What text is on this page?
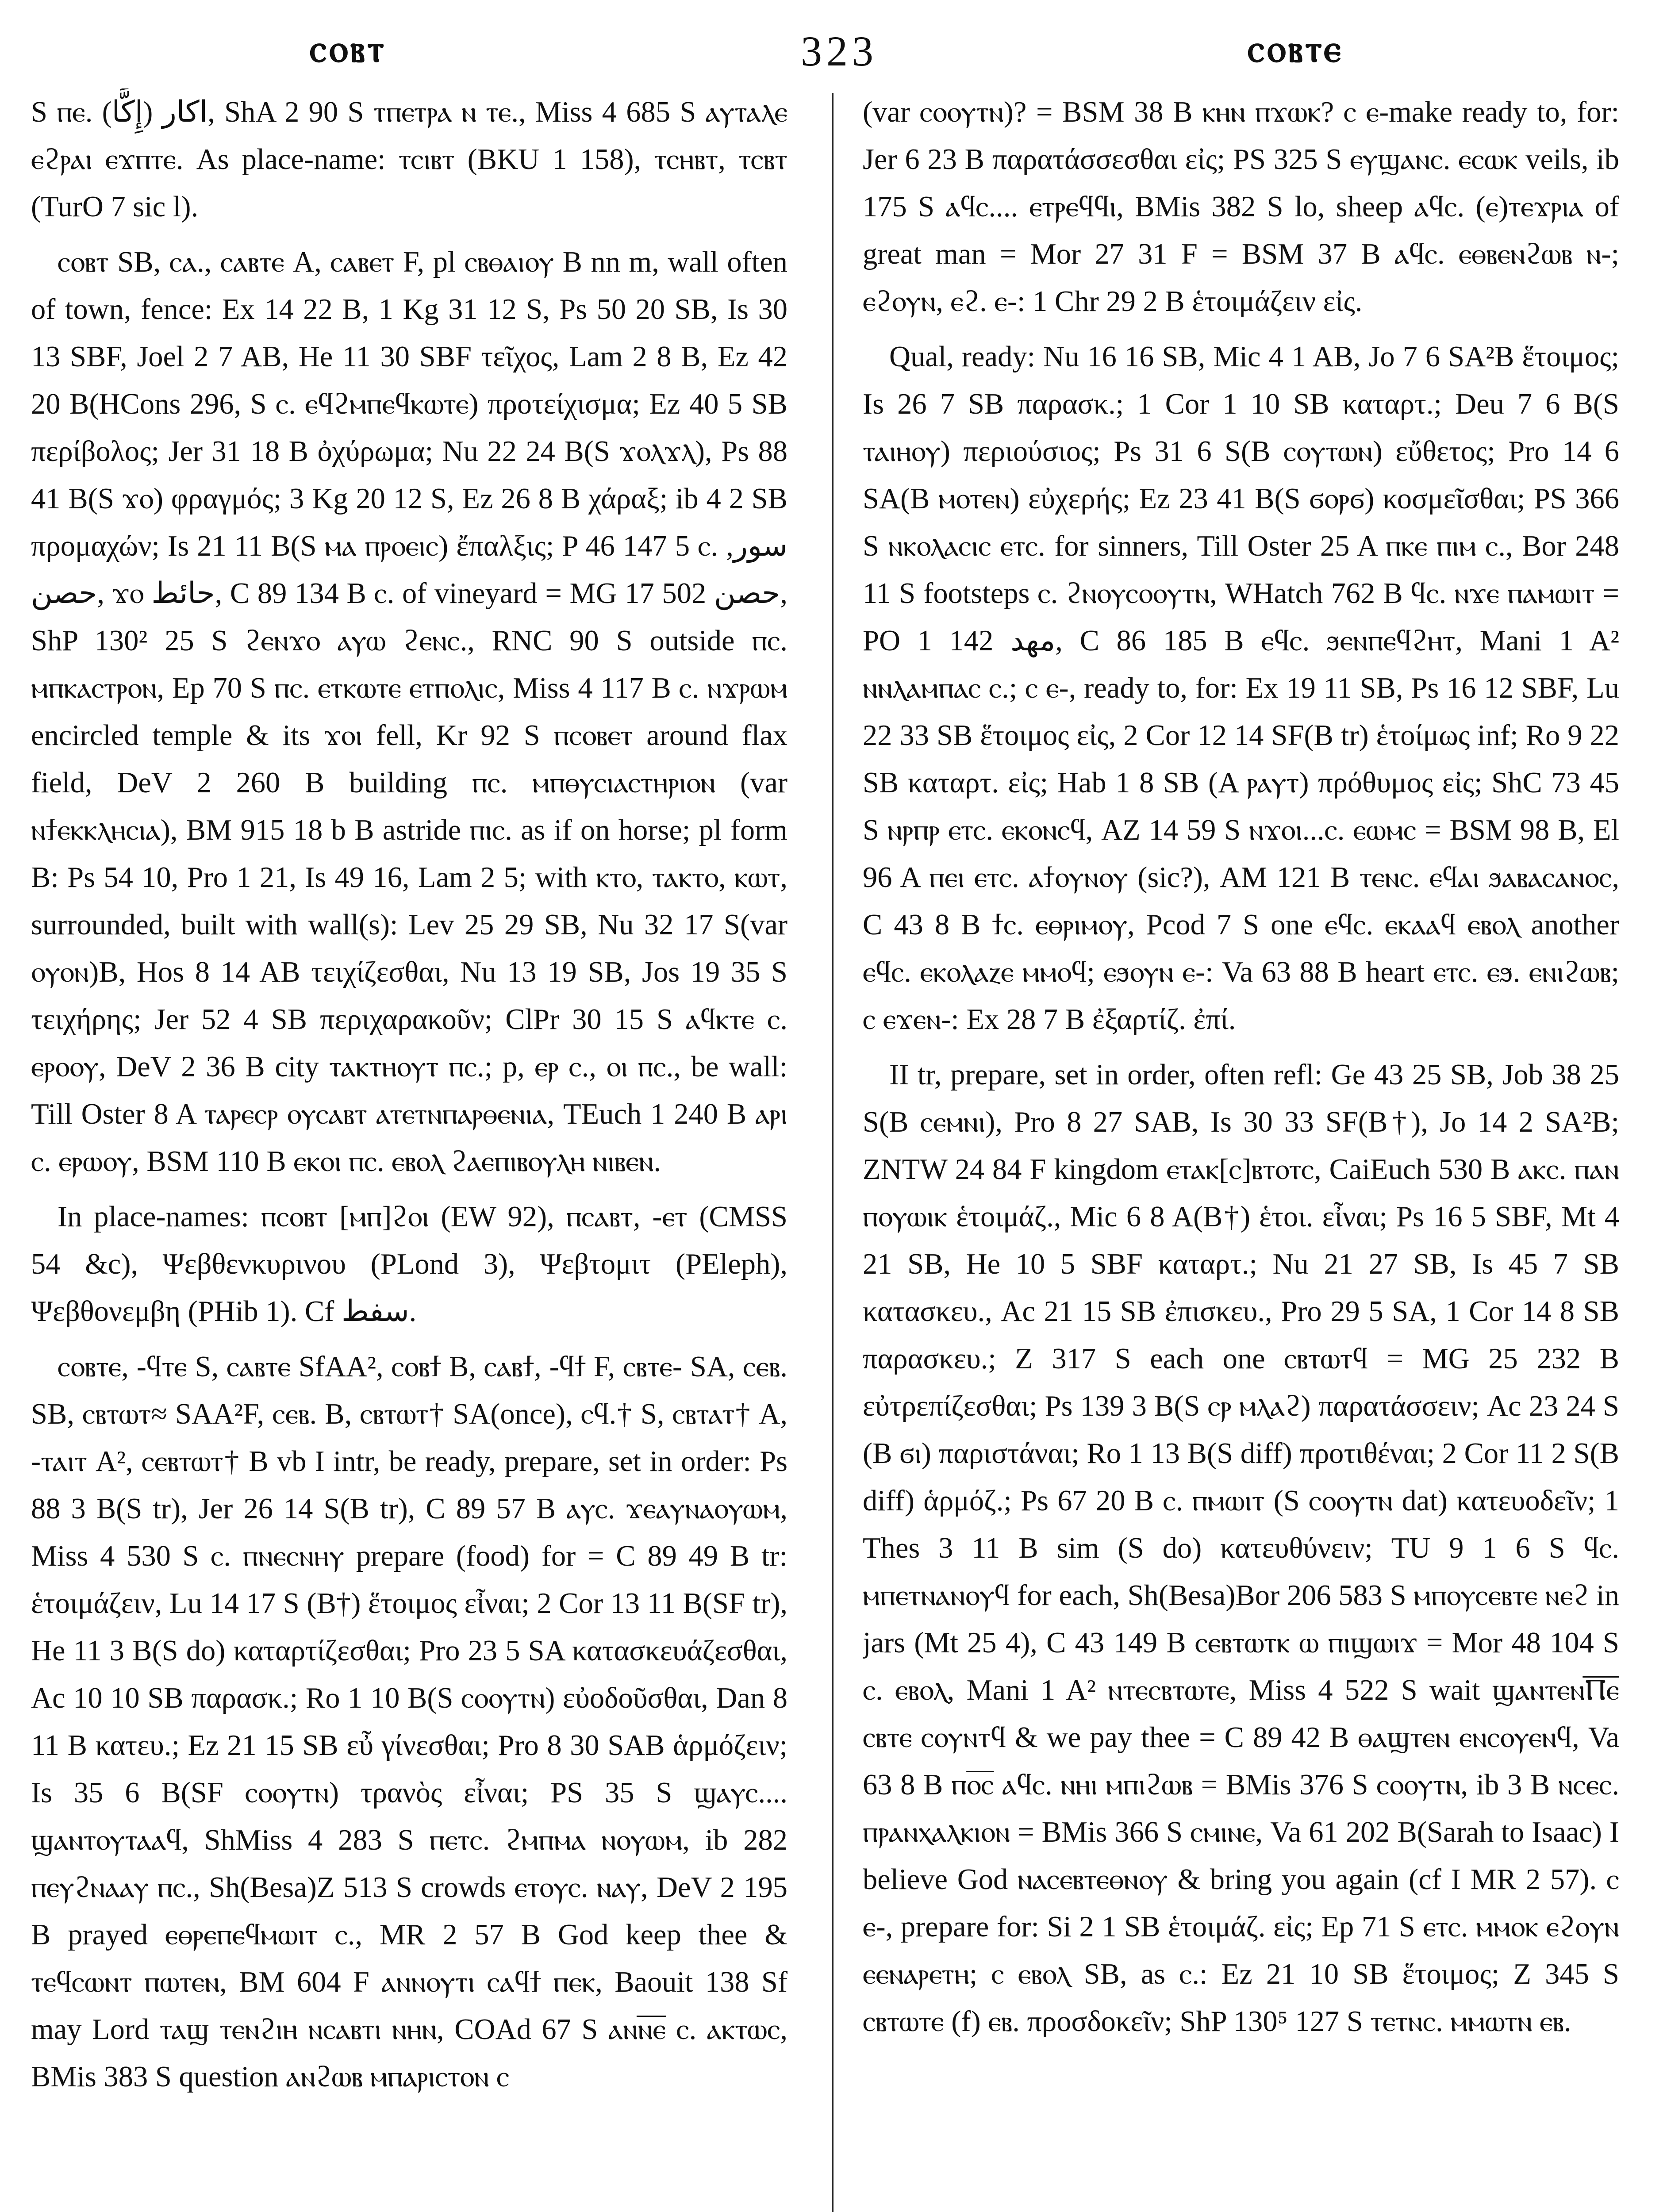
ⲥⲟⲃⲧ	323	ⲥⲟⲃⲧⲉ

S ⲡⲉ. اكار (إِكَّا), ShA 2 90 S ⲧⲡⲉⲧⲣⲁ ⲛ ⲧⲉ., Miss 4 685 S ⲁⲩⲧⲁⲗⲉ ⲉϩⲣⲁⲓ ⲉϫⲡⲧⲉ. As place-name: ⲧⲥⲓⲃⲧ (BKU 1 158), ⲧⲥⲏⲃⲧ, ⲧⲥⲃⲧ (TurO 7 sic l).

ⲥⲟⲃⲧ SB, ⲥⲁ., ⲥⲁⲃⲧⲉ A, ⲥⲁⲃⲉⲧ F, pl ⲥⲃⲑⲁⲓⲟⲩ B nn m, wall often of town, fence: Ex 14 22 B, 1 Kg 31 12 S, Ps 50 20 SB, Is 30 13 SBF, Joel 2 7 AB, He 11 30 SBF τεῖχος, Lam 2 8 B, Ez 42 20 B(HCons 296, S ⲥ. ⲉϥϩⲙⲡⲉϥⲕⲱⲧⲉ) προτείχισμα; Ez 40 5 SB περίβολος; Jer 31 18 B ὀχύρωμα; Nu 22 24 B(S ϫⲟⲗϫⲗ), Ps 88 41 B(S ϫⲟ) φραγμός; 3 Kg 20 12 S, Ez 26 8 B χάραξ; ib 4 2 SB προμαχών; Is 21 11 B(S ⲙⲁ ⲡⲣⲟⲉⲓⲥ) ἔπαλξις; P 46 147 5 ⲥ. سور, حصن, ϫⲟ حائط, C 89 134 B ⲥ. of vineyard = MG 17 502 حصن, ShP 130² 25 S ϩⲉⲛϫⲟ ⲁⲩⲱ ϩⲉⲛⲥ., RNC 90 S outside ⲡⲥ. ⲙⲡⲕⲁⲥⲧⲣⲟⲛ, Ep 70 S ⲡⲥ. ⲉⲧⲕⲱⲧⲉ ⲉⲧⲡⲟⲗⲓⲥ, Miss 4 117 B ⲥ. ⲛϫⲣⲱⲙ encircled temple & its ϫⲟⲓ fell, Kr 92 S ⲡⲥⲟⲃⲉⲧ around flax field, DeV 2 260 B building ⲡⲥ. ⲙⲡⲑⲩⲥⲓⲁⲥⲧⲏⲣⲓⲟⲛ (var ⲛϯⲉⲕⲕⲗⲏⲥⲓⲁ), BM 915 18 b B astride ⲡⲓⲥ. as if on horse; pl form B: Ps 54 10, Pro 1 21, Is 49 16, Lam 2 5; with ⲕⲧⲟ, ⲧⲁⲕⲧⲟ, ⲕⲱⲧ, surrounded, built with wall(s): Lev 25 29 SB, Nu 32 17 S(var ⲟⲩⲟⲛ)B, Hos 8 14 AB τειχίζεσθαι, Nu 13 19 SB, Jos 19 35 S τειχήρης; Jer 52 4 SB περιχαρακοῦν; ClPr 30 15 S ⲁϥⲕⲧⲉ ⲥ. ⲉⲣⲟⲟⲩ, DeV 2 36 B city ⲧⲁⲕⲧⲏⲟⲩⲧ ⲡⲥ.; p, ⲉⲣ ⲥ., ⲟⲓ ⲡⲥ., be wall: Till Oster 8 A ⲧⲁⲣⲉⲥⲣ ⲟⲩⲥⲁⲃⲧ ⲁⲧⲉⲧⲛⲡⲁⲣⲑⲉⲛⲓⲁ, TEuch 1 240 B ⲁⲣⲓ ⲥ. ⲉⲣⲱⲟⲩ, BSM 110 B ⲉⲕⲟⲓ ⲡⲥ. ⲉⲃⲟⲗ ϩⲁⲉⲡⲓⲃⲟⲩⲗⲏ ⲛⲓⲃⲉⲛ.

In place-names: ⲡⲥⲟⲃⲧ [ⲙⲡ]ϩⲟⲓ (EW 92), ⲡⲥⲁⲃⲧ, -ⲉⲧ (CMSS 54 &c), Ψεβθενκυρινου (PLond 3), Ψεβτομιτ (PEleph), Ψεβθονεμβη (PHib 1). Cf سفط.

ⲥⲟⲃⲧⲉ, -ϥⲧⲉ S, ⲥⲁⲃⲧⲉ SfAA², ⲥⲟⲃϯ B, ⲥⲁⲃϯ, -ϥϯ F, ⲥⲃⲧⲉ- SA, ⲥⲉⲃ. SB, ⲥⲃⲧⲱⲧ≈ SAA²F, ⲥⲉⲃ. B, ⲥⲃⲧⲱⲧ† SA(once), ⲥϥ.† S, ⲥⲃⲧⲁⲧ† A, -ⲧⲁⲓⲧ A², ⲥⲉⲃⲧⲱⲧ† B vb I intr, be ready, prepare, set in order: Ps 88 3 B(S tr), Jer 26 14 S(B tr), C 89 57 B ⲁⲩⲥ. ϫⲉⲁⲩⲛⲁⲟⲩⲱⲙ, Miss 4 530 S ⲥ. ⲡⲛⲉⲥⲛⲏⲩ prepare (food) for = C 89 49 B tr: ἑτοιμάζειν, Lu 14 17 S (B†) ἕτοιμος εἶναι; 2 Cor 13 11 B(SF tr), He 11 3 B(S do) καταρτίζεσθαι; Pro 23 5 SA κατασκευάζεσθαι, Ac 10 10 SB παρασκ.; Ro 1 10 B(S ⲥⲟⲟⲩⲧⲛ) εὐοδοῦσθαι, Dan 8 11 B κατευ.; Ez 21 15 SB εὖ γίνεσθαι; Pro 8 30 SAB ἁρμόζειν; Is 35 6 B(SF ⲥⲟⲟⲩⲧⲛ) τρανὸς εἶναι; PS 35 S ϣⲁⲩⲥ.... ϣⲁⲛⲧⲟⲩⲧⲁⲁϥ, ShMiss 4 283 S ⲡⲉⲧⲥ. ϩⲙⲡⲙⲁ ⲛⲟⲩⲱⲙ, ib 282 ⲡⲉⲩϩⲛⲁⲁⲩ ⲡⲥ., Sh(Besa)Z 513 S crowds ⲉⲧⲟⲩⲥ. ⲛⲁⲩ, DeV 2 195 B prayed ⲉⲑⲣⲉⲡⲉϥⲙⲱⲓⲧ ⲥ., MR 2 57 B God keep thee & ⲧⲉϥⲥⲱⲛⲧ ⲡⲱⲧⲉⲛ, BM 604 F ⲁⲛⲛⲟⲩⲧⲓ ⲥⲁϥϯ ⲡⲉⲕ, Baouit 138 Sf may Lord ⲧⲁϣ ⲧⲉⲛϩⲓⲏ ⲛⲥⲁⲃⲧⲓ ⲛⲏⲛ, COAd 67 S ⲁⲛⲛ̅ⲉ̅ ⲥ. ⲁⲕⲧⲱⲥ, BMis 383 S question ⲁⲛϩⲱⲃ ⲙⲡⲁⲣⲓⲥⲧⲟⲛ ⲥ

(var ⲥⲟⲟⲩⲧⲛ)? = BSM 38 B ⲕⲏⲛ ⲡϫⲱⲕ? ⲥ ⲉ-make ready to, for: Jer 6 23 B παρατάσσεσθαι εἰς; PS 325 S ⲉⲩϣⲁⲛⲥ. ⲉⲥⲱⲕ veils, ib 175 S ⲁϥⲥ.... ⲉⲧⲣⲉϥϥⲓ, BMis 382 S lo, sheep ⲁϥⲥ. (ⲉ)ⲧⲉϫⲣⲓⲁ of great man = Mor 27 31 F = BSM 37 B ⲁϥⲥ. ⲉⲑⲃⲉⲛϩⲱⲃ ⲛ-; ⲉϩⲟⲩⲛ, ⲉϩ. ⲉ-: 1 Chr 29 2 B ἑτοιμάζειν εἰς.

Qual, ready: Nu 16 16 SB, Mic 4 1 AB, Jo 7 6 SA²B ἕτοιμος; Is 26 7 SB παρασκ.; 1 Cor 1 10 SB καταρτ.; Deu 7 6 B(S ⲧⲁⲓⲏⲟⲩ) περιούσιος; Ps 31 6 S(B ⲥⲟⲩⲧⲱⲛ) εὔθετος; Pro 14 6 SA(B ⲙⲟⲧⲉⲛ) εὐχερής; Ez 23 41 B(S ϭⲟⲣϭ) κοσμεῖσθαι; PS 366 S ⲛⲕⲟⲗⲁⲥⲓⲥ ⲉⲧⲥ. for sinners, Till Oster 25 A ⲡⲕⲉ ⲡⲓⲙ ⲥ., Bor 248 11 S footsteps ⲥ. ϩⲛⲟⲩⲥⲟⲟⲩⲧⲛ, WHatch 762 B ϥⲥ. ⲛϫⲉ ⲡⲁⲙⲱⲓⲧ = PO 1 142 مهد, C 86 185 B ⲉϥⲥ. ϧⲉⲛⲡⲉϥϩⲏⲧ, Mani 1 A² ⲛⲛⲗⲁⲙⲡⲁⲥ ⲥ.; ⲥ ⲉ-, ready to, for: Ex 19 11 SB, Ps 16 12 SBF, Lu 22 33 SB ἕτοιμος εἰς, 2 Cor 12 14 SF(B tr) ἑτοίμως inf; Ro 9 22 SB καταρτ. εἰς; Hab 1 8 SB (A ⲣⲁⲩⲧ) πρόθυμος εἰς; ShC 73 45 S ⲛⲣⲡⲣ ⲉⲧⲥ. ⲉⲕⲟⲛⲥϥ, AZ 14 59 S ⲛϫⲟⲓ...ⲥ. ⲉⲱⲙⲥ = BSM 98 B, El 96 A ⲡⲉⲓ ⲉⲧⲥ. ⲁϯⲟⲩⲛⲟⲩ (sic?), AM 121 B ⲧⲉⲛⲥ. ⲉϥⲁⲓ ϧⲁⲃⲁⲥⲁⲛⲟⲥ, C 43 8 B ϯⲥ. ⲉⲑⲣⲓⲙⲟⲩ, Pcod 7 S one ⲉϥⲥ. ⲉⲕⲁⲁϥ ⲉⲃⲟⲗ another ⲉϥⲥ. ⲉⲕⲟⲗⲁⲍⲉ ⲙⲙⲟϥ; ⲉϧⲟⲩⲛ ⲉ-: Va 63 88 B heart ⲉⲧⲥ. ⲉϧ. ⲉⲛⲓϩⲱⲃ; ⲥ ⲉϫⲉⲛ-: Ex 28 7 B ἐξαρτίζ. ἐπί.

II tr, prepare, set in order, often refl: Ge 43 25 SB, Job 38 25 S(B ⲥⲉⲙⲛⲓ), Pro 8 27 SAB, Is 30 33 SF(B†), Jo 14 2 SA²B; ZNTW 24 84 F kingdom ⲉⲧⲁⲕ[ⲥ]ⲃⲧⲟⲧⲥ, CaiEuch 530 B ⲁⲕⲥ. ⲡⲁⲛ ⲡⲟⲩⲱⲓⲕ ἑτοιμάζ., Mic 6 8 A(B†) ἑτοι. εἶναι; Ps 16 5 SBF, Mt 4 21 SB, He 10 5 SBF καταρτ.; Nu 21 27 SB, Is 45 7 SB κατασκευ., Ac 21 15 SB ἐπισκευ., Pro 29 5 SA, 1 Cor 14 8 SB παρασκευ.; Z 317 S each one ⲥⲃⲧⲱⲧϥ = MG 25 232 B εὐτρεπίζεσθαι; Ps 139 3 B(S ⲥⲣ ⲙⲗⲁϩ) παρατάσσειν; Ac 23 24 S (B ϭⲓ) παριστάναι; Ro 1 13 B(S diff) προτιθέναι; 2 Cor 11 2 S(B diff) ἁρμόζ.; Ps 67 20 B ⲥ. ⲡⲙⲱⲓⲧ (S ⲥⲟⲟⲩⲧⲛ dat) κατευοδεῖν; 1 Thes 3 11 B sim (S do) κατευθύνειν; TU 9 1 6 S ϥⲥ. ⲙⲡⲉⲧⲛⲁⲛⲟⲩϥ for each, Sh(Besa)Bor 206 583 S ⲙⲡⲟⲩⲥⲉⲃⲧⲉ ⲛⲉϩ in jars (Mt 25 4), C 43 149 B ⲥⲉⲃⲧⲱⲧⲕ ⲱ ⲡⲓϣⲱⲓϫ = Mor 48 104 S ⲥ. ⲉⲃⲟⲗ, Mani 1 A² ⲛⲧⲉⲥⲃⲧⲱⲧⲉ, Miss 4 522 S wait ϣⲁⲛⲧⲉⲛⲠ̅ⲉ̅ ⲥⲃⲧⲉ ⲥⲟⲩⲛⲧϥ & we pay thee = C 89 42 B ⲑⲁϣⲧⲉⲛ ⲉⲛⲥⲟⲩⲉⲛϥ, Va 63 8 B ⲡⲟ̅ⲥ̅ ⲁϥⲥ. ⲛⲏⲓ ⲙⲡⲓϩⲱⲃ = BMis 376 S ⲥⲟⲟⲩⲧⲛ, ib 3 B ⲛⲥⲉⲥ. ⲡⲣⲁⲛⲭⲁⲗⲕⲓⲟⲛ = BMis 366 S ⲥⲙⲓⲛⲉ, Va 61 202 B(Sarah to Isaac) I believe God ⲛⲁⲥⲉⲃⲧⲉⲑⲛⲟⲩ & bring you again (cf I MR 2 57). ⲥ ⲉ-, prepare for: Si 2 1 SB ἑτοιμάζ. εἰς; Ep 71 S ⲉⲧⲥ. ⲙⲙⲟⲕ ⲉϩⲟⲩⲛ ⲉⲉⲛⲁⲣⲉⲧⲏ; ⲥ ⲉⲃⲟⲗ SB, as ⲥ.: Ez 21 10 SB ἕτοιμος; Z 345 S ⲥⲃⲧⲱⲧⲉ (f) ⲉⲃ. προσδοκεῖν; ShP 130⁵ 127 S ⲧⲉⲧⲛⲥ. ⲙⲙⲱⲧⲛ ⲉⲃ.
